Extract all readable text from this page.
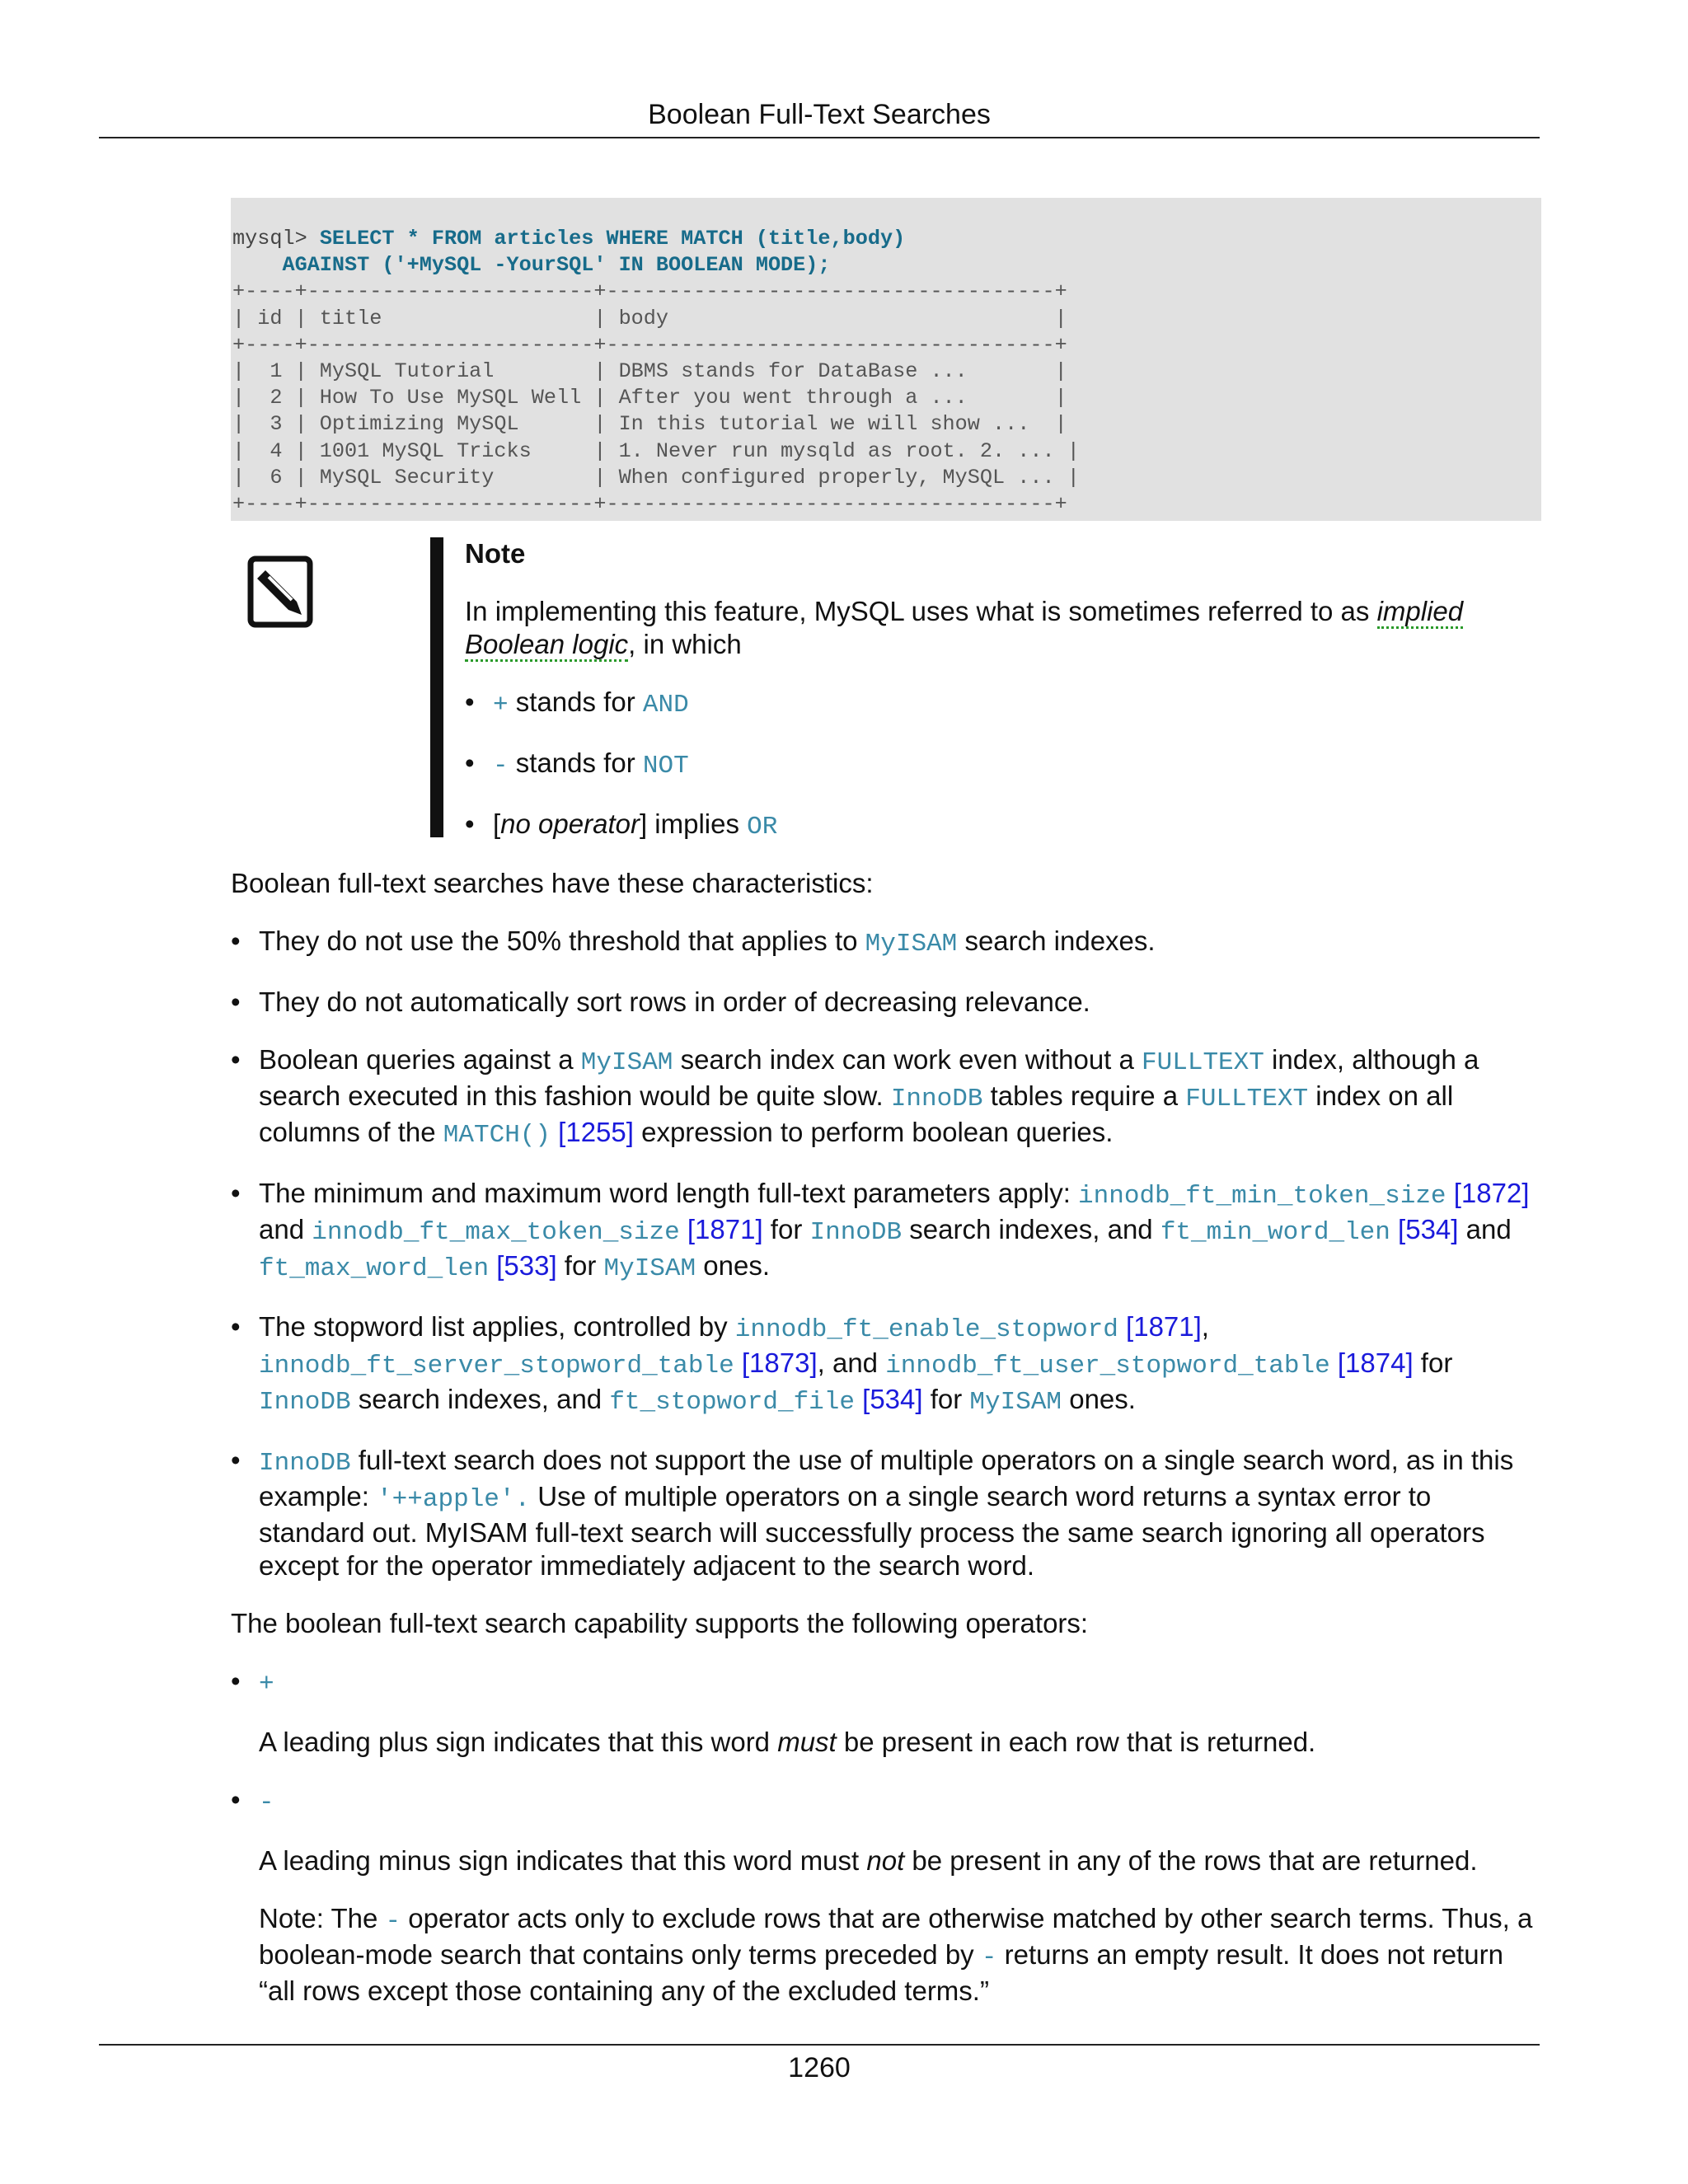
Boolean Full-Text Searches
mysql> SELECT * FROM articles WHERE MATCH (title,body)
AGAINST ('+MySQL -YourSQL' IN BOOLEAN MODE);
+----+-----------------------+------------------------------------+
| id | title                 | body                               |
+----+-----------------------+------------------------------------+
|  1 | MySQL Tutorial        | DBMS stands for DataBase ...       |
|  2 | How To Use MySQL Well | After you went through a ...       |
|  3 | Optimizing MySQL      | In this tutorial we will show ...  |
|  4 | 1001 MySQL Tricks     | 1. Never run mysqld as root. 2. ... |
|  6 | MySQL Security        | When configured properly, MySQL ... |
+----+-----------------------+------------------------------------+
Note

In implementing this feature, MySQL uses what is sometimes referred to as implied Boolean logic, in which

• + stands for AND
• - stands for NOT
• [no operator] implies OR

Boolean full-text searches have these characteristics:

• They do not use the 50% threshold that applies to MyISAM search indexes.
• They do not automatically sort rows in order of decreasing relevance.
• Boolean queries against a MyISAM search index can work even without a FULLTEXT index, although a search executed in this fashion would be quite slow. InnoDB tables require a FULLTEXT index on all columns of the MATCH() [1255] expression to perform boolean queries.
• The minimum and maximum word length full-text parameters apply: innodb_ft_min_token_size [1872] and innodb_ft_max_token_size [1871] for InnoDB search indexes, and ft_min_word_len [534] and ft_max_word_len [533] for MyISAM ones.
• The stopword list applies, controlled by innodb_ft_enable_stopword [1871], innodb_ft_server_stopword_table [1873], and innodb_ft_user_stopword_table [1874] for InnoDB search indexes, and ft_stopword_file [534] for MyISAM ones.
• InnoDB full-text search does not support the use of multiple operators on a single search word, as in this example: '++apple'. Use of multiple operators on a single search word returns a syntax error to standard out. MyISAM full-text search will successfully process the same search ignoring all operators except for the operator immediately adjacent to the search word.

The boolean full-text search capability supports the following operators:

• +

A leading plus sign indicates that this word must be present in each row that is returned.

• -

A leading minus sign indicates that this word must not be present in any of the rows that are returned.

Note: The - operator acts only to exclude rows that are otherwise matched by other search terms. Thus, a boolean-mode search that contains only terms preceded by - returns an empty result. It does not return “all rows except those containing any of the excluded terms.”

1260
